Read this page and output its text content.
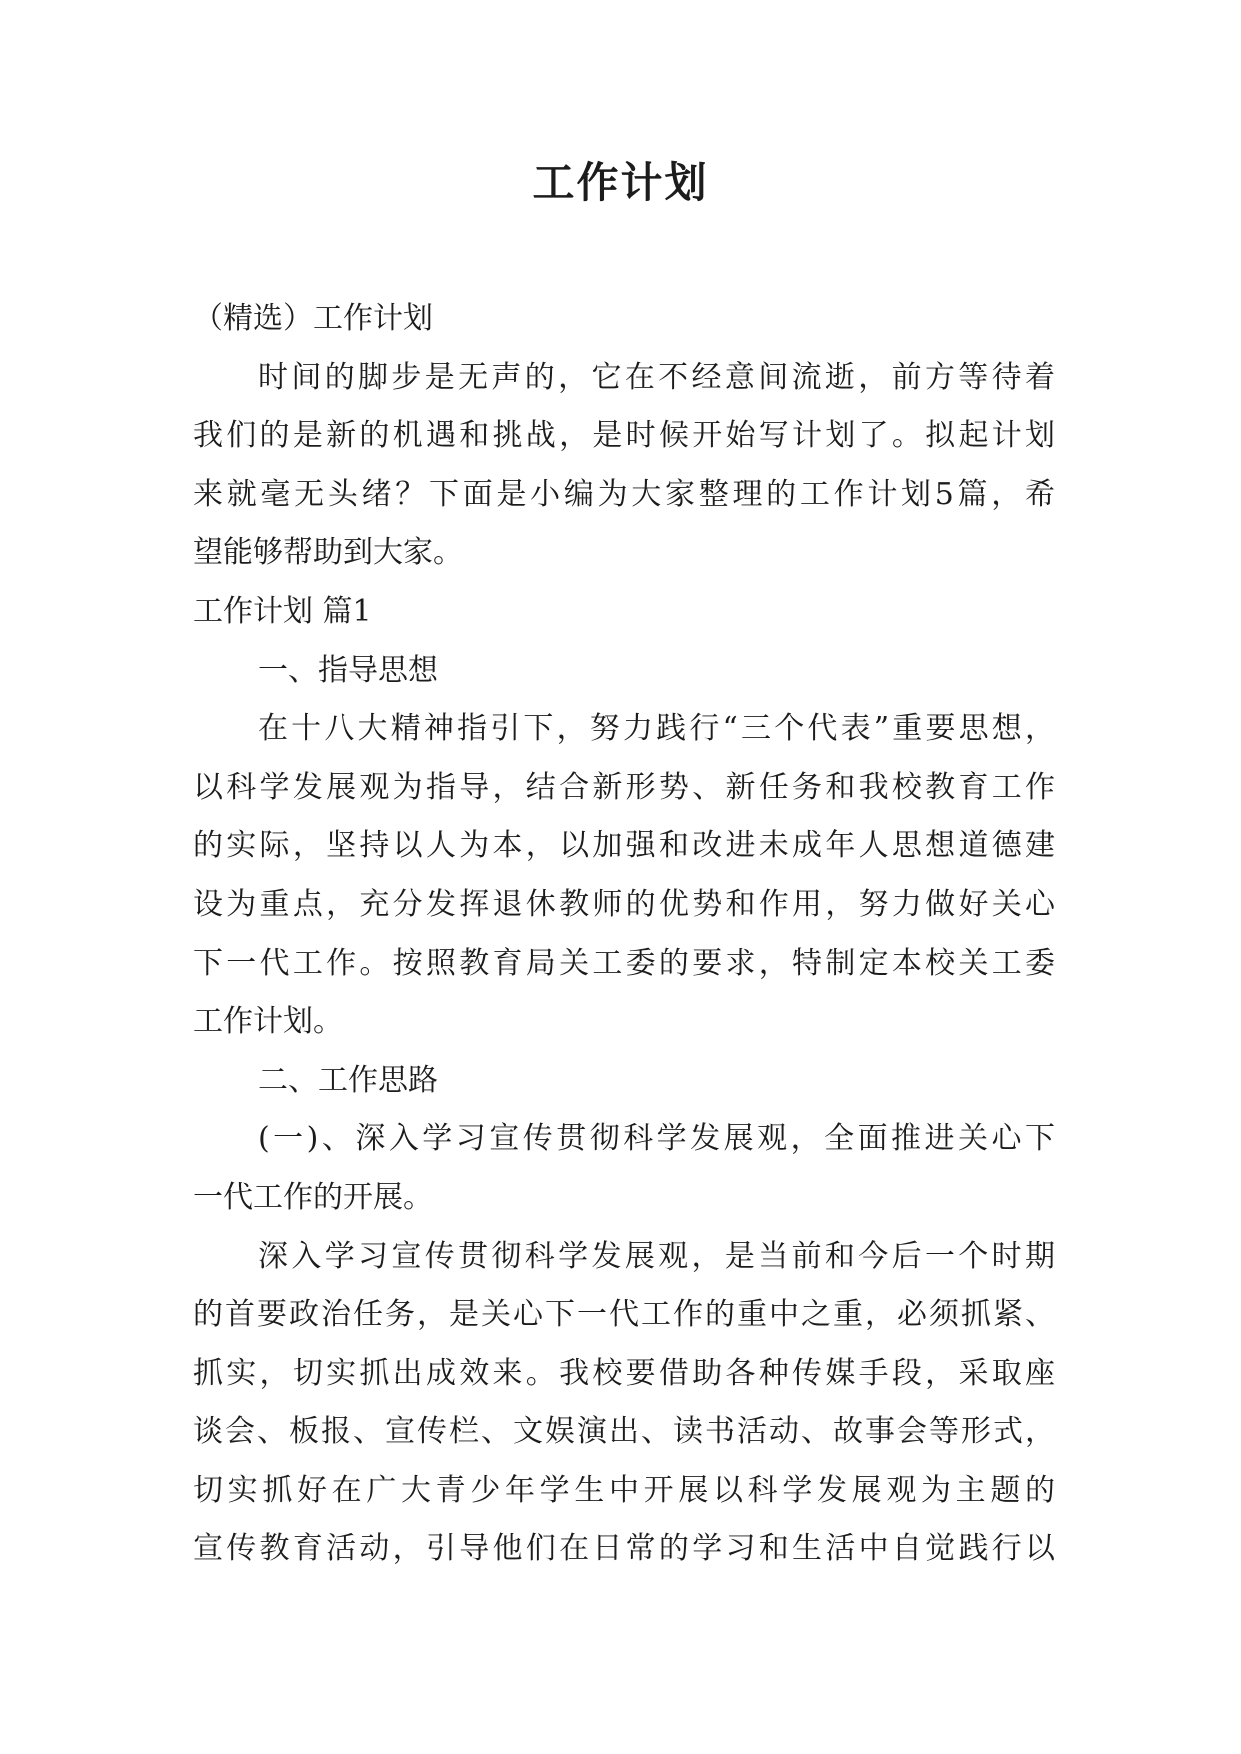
工作计划
（精选）工作计划
时间的脚步是无声的，它在不经意间流逝，前方等待着
我们的是新的机遇和挑战，是时候开始写计划了。拟起计划
来就毫无头绪？下面是小编为大家整理的工作计划5篇，希
望能够帮助到大家。
工作计划 篇1
一、指导思想
在十八大精神指引下，努力践行“三个代表”重要思想，
以科学发展观为指导，结合新形势、新任务和我校教育工作
的实际，坚持以人为本，以加强和改进未成年人思想道德建
设为重点，充分发挥退休教师的优势和作用，努力做好关心
下一代工作。按照教育局关工委的要求，特制定本校关工委
工作计划。
二、工作思路
(一)、深入学习宣传贯彻科学发展观，全面推进关心下
一代工作的开展。
深入学习宣传贯彻科学发展观，是当前和今后一个时期
的首要政治任务，是关心下一代工作的重中之重，必须抓紧、
抓实，切实抓出成效来。我校要借助各种传媒手段，采取座
谈会、板报、宣传栏、文娱演出、读书活动、故事会等形式，
切实抓好在广大青少年学生中开展以科学发展观为主题的
宣传教育活动，引导他们在日常的学习和生活中自觉践行以
